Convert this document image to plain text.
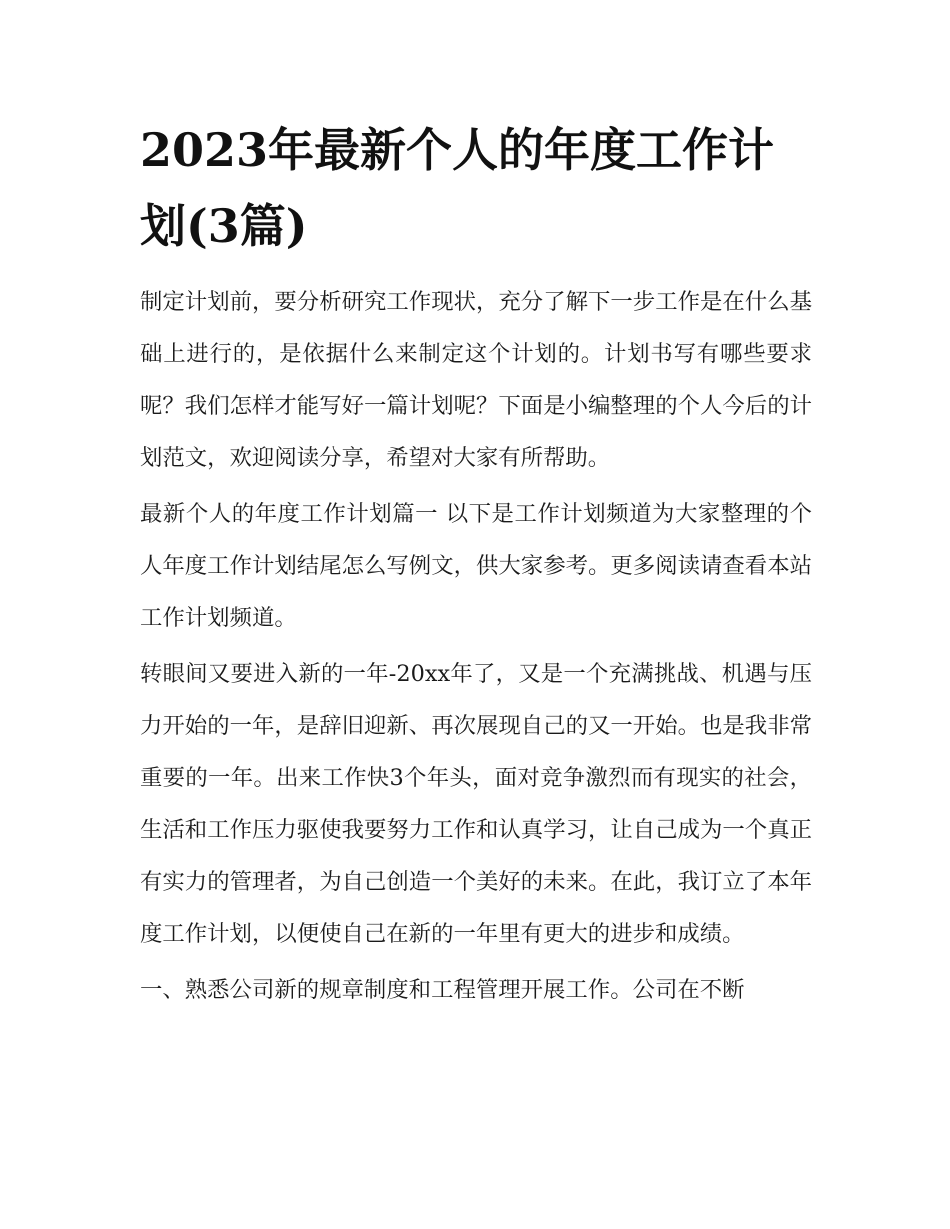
2023年最新个人的年度工作计划(3篇)

制定计划前，要分析研究工作现状，充分了解下一步工作是在什么基础上进行的，是依据什么来制定这个计划的。计划书写有哪些要求呢？我们怎样才能写好一篇计划呢？下面是小编整理的个人今后的计划范文，欢迎阅读分享，希望对大家有所帮助。

最新个人的年度工作计划篇一 以下是工作计划频道为大家整理的个人年度工作计划结尾怎么写例文，供大家参考。更多阅读请查看本站工作计划频道。

转眼间又要进入新的一年-20xx年了，又是一个充满挑战、机遇与压力开始的一年，是辞旧迎新、再次展现自己的又一开始。也是我非常重要的一年。出来工作快3个年头，面对竞争激烈而有现实的社会，生活和工作压力驱使我要努力工作和认真学习，让自己成为一个真正有实力的管理者，为自己创造一个美好的未来。在此，我订立了本年度工作计划，以便使自己在新的一年里有更大的进步和成绩。

一、熟悉公司新的规章制度和工程管理开展工作。公司在不断
